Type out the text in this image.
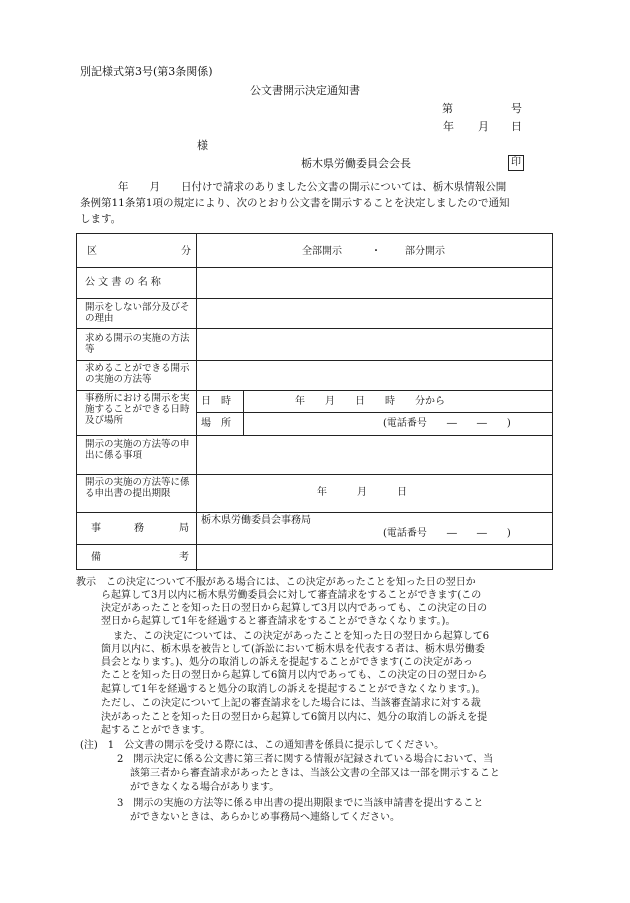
別記様式第3号(第3条関係)
公文書開示決定通知書
第	号
年 月 日
様
栃木県労働委員会会長	印
年　　月　　日付けで請求のありました公文書の開示については、栃木県情報公開
条例第11条第1項の規定により、次のとおり公文書を開示することを決定しましたので通知
します。
区	分	全部開示	・ 部分開示
公 文 書 の 名 称
開示をしない部分及びその理由
求める開示の実施の方法等
求めることができる開示の実施の方法等
事務所における開示を実施することができる日時及び場所
日　時	年　　月　　日　　時　　分から
場　所	(電話番号　　―　　―　　)
開示の実施の方法等の申出に係る事項
開示の実施の方法等に係る申出書の提出期限	年　　　月　　　日
事	務	局
栃木県労働委員会事務局
(電話番号　　―　　―　　)
備	考
教示　この決定について不服がある場合には、この決定があったことを知った日の翌日か
ら起算して3月以内に栃木県労働委員会に対して審査請求をすることができます(この
決定があったことを知った日の翌日から起算して3月以内であっても、この決定の日の
翌日から起算して1年を経過すると審査請求をすることができなくなります。)。
また、この決定については、この決定があったことを知った日の翌日から起算して6
箇月以内に、栃木県を被告として(訴訟において栃木県を代表する者は、栃木県労働委
員会となります。)、処分の取消しの訴えを提起することができます(この決定があっ
たことを知った日の翌日から起算して6箇月以内であっても、この決定の日の翌日から
起算して1年を経過すると処分の取消しの訴えを提起することができなくなります。)。
ただし、この決定について上記の審査請求をした場合には、当該審査請求に対する裁
決があったことを知った日の翌日から起算して6箇月以内に、処分の取消しの訴えを提
起することができます。
(注)　1　公文書の開示を受ける際には、この通知書を係員に提示してください。
2　開示決定に係る公文書に第三者に関する情報が記録されている場合において、当
該第三者から審査請求があったときは、当該公文書の全部又は一部を開示すること
ができなくなる場合があります。
3　開示の実施の方法等に係る申出書の提出期限までに当該申請書を提出すること
ができないときは、あらかじめ事務局へ連絡してください。
